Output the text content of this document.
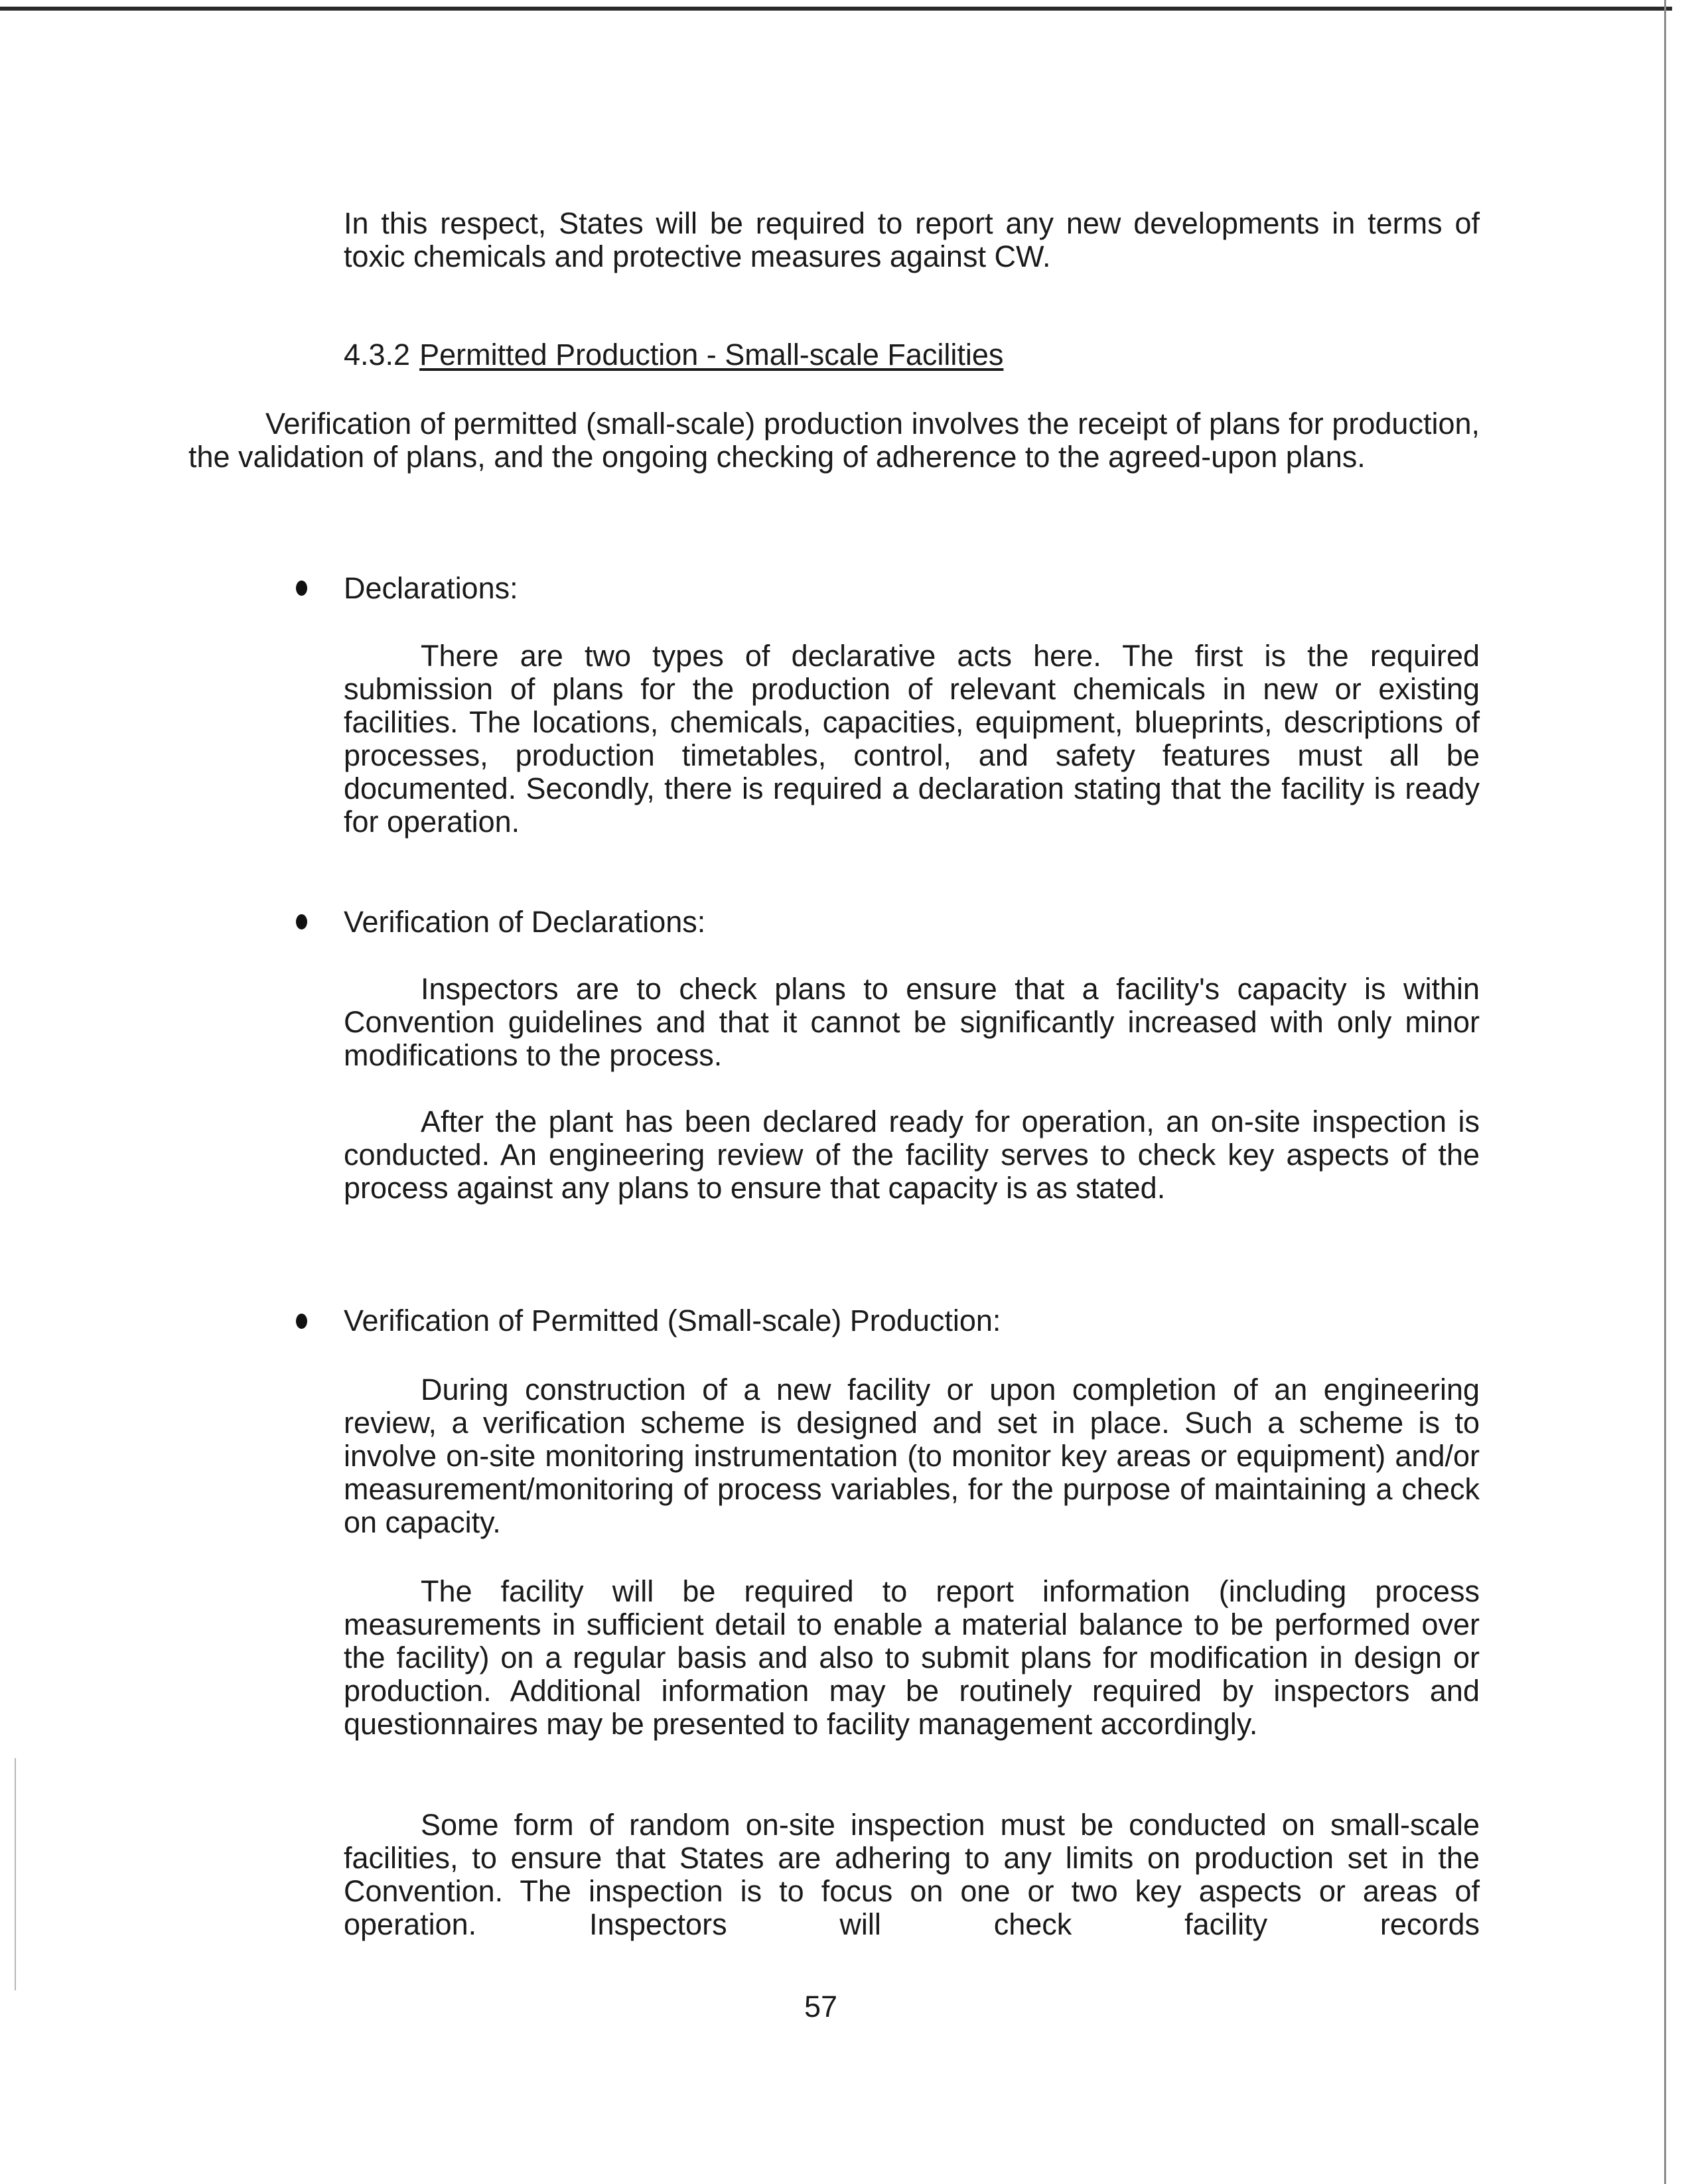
In this respect, States will be required to report any new developments in terms of toxic chemicals and protective measures against CW.

4.3.2 Permitted Production - Small-scale Facilities

Verification of permitted (small-scale) production involves the receipt of plans for production, the validation of plans, and the ongoing checking of adherence to the agreed-upon plans.

Declarations:

There are two types of declarative acts here. The first is the required submission of plans for the production of relevant chemicals in new or existing facilities. The locations, chemicals, capacities, equipment, blueprints, descriptions of processes, production timetables, control, and safety features must all be documented. Secondly, there is required a declaration stating that the facility is ready for operation.

Verification of Declarations:

Inspectors are to check plans to ensure that a facility's capacity is within Convention guidelines and that it cannot be significantly increased with only minor modifications to the process.

After the plant has been declared ready for operation, an on-site inspection is conducted. An engineering review of the facility serves to check key aspects of the process against any plans to ensure that capacity is as stated.

Verification of Permitted (Small-scale) Production:

During construction of a new facility or upon completion of an engineering review, a verification scheme is designed and set in place. Such a scheme is to involve on-site monitoring instrumentation (to monitor key areas or equipment) and/or measurement/monitoring of process variables, for the purpose of maintaining a check on capacity.

The facility will be required to report information (including process measurements in sufficient detail to enable a material balance to be performed over the facility) on a regular basis and also to submit plans for modification in design or production. Additional information may be routinely required by inspectors and questionnaires may be presented to facility management accordingly.

Some form of random on-site inspection must be conducted on small-scale facilities, to ensure that States are adhering to any limits on production set in the Convention. The inspection is to focus on one or two key aspects or areas of operation. Inspectors will check facility records

57
